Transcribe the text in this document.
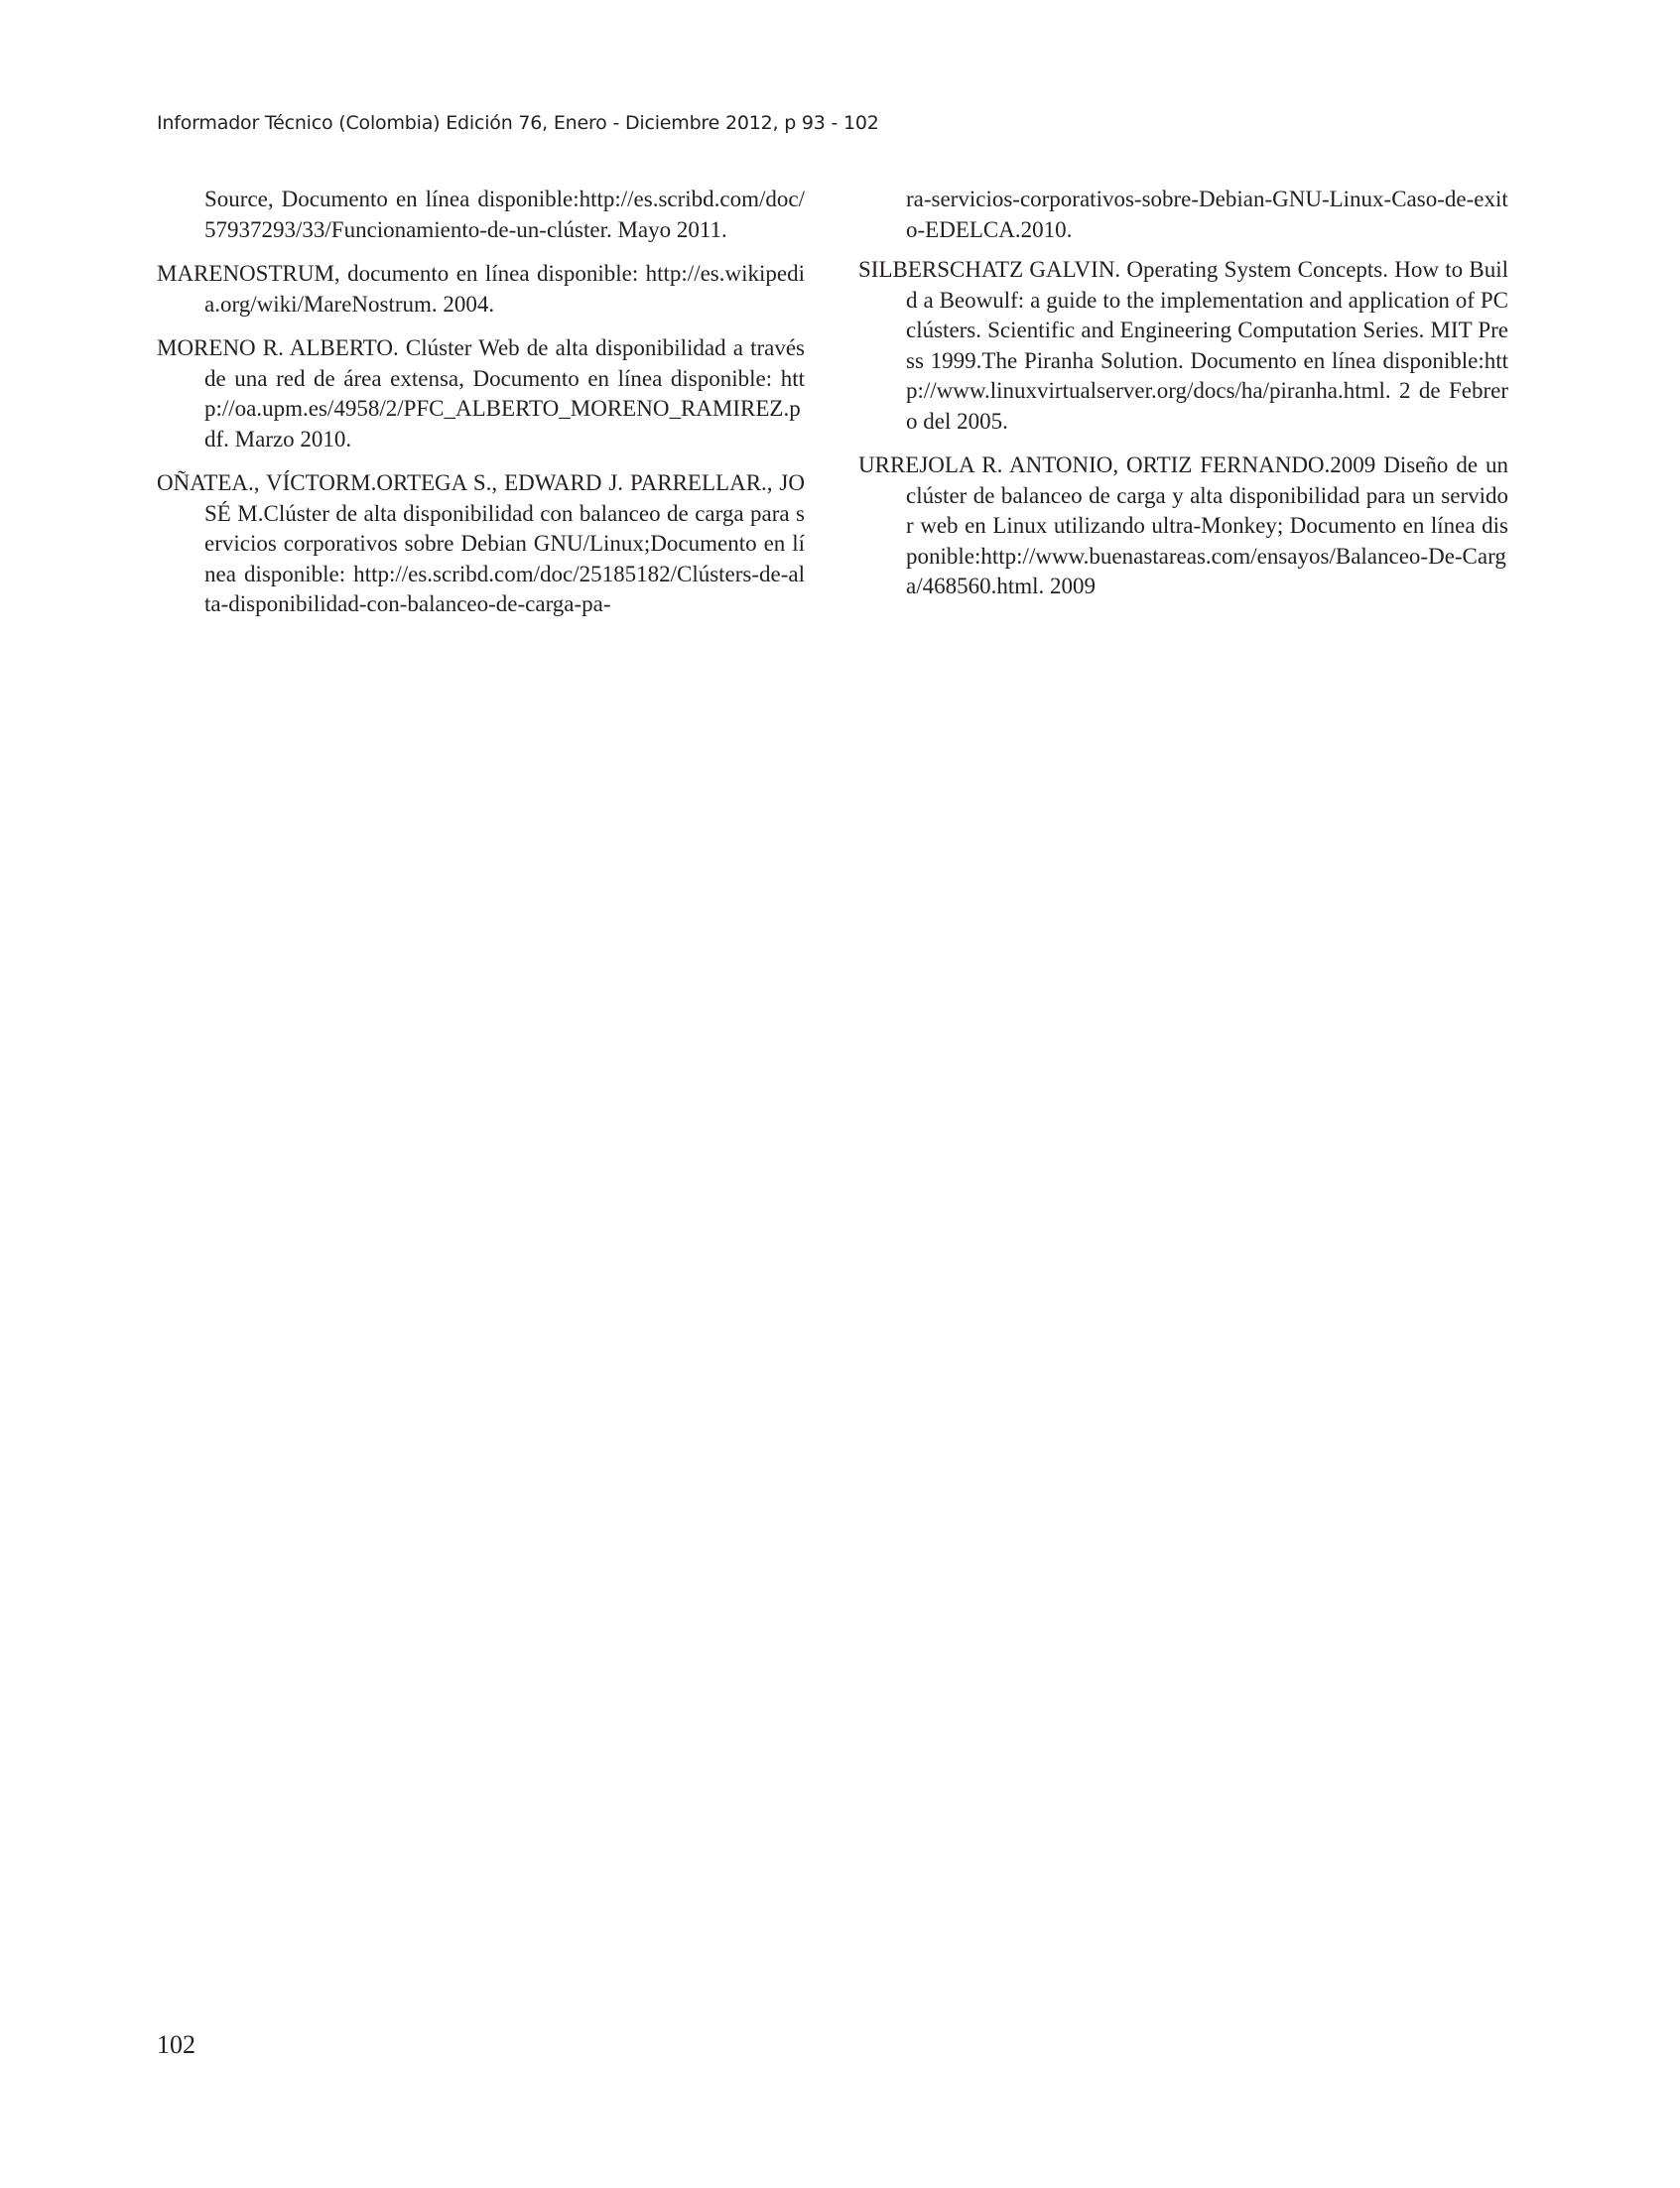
Informador Técnico (Colombia) Edición 76, Enero - Diciembre 2012, p 93 - 102

Source, Documento en línea disponible:http://es.scribd.com/doc/57937293/33/Funcionamiento-de-un-clúster. Mayo 2011.

MARENOSTRUM, documento en línea disponible: http://es.wikipedia.org/wiki/MareNostrum. 2004.

MORENO R. ALBERTO. Clúster Web de alta disponibilidad a través de una red de área extensa, Documento en línea disponible: http://oa.upm.es/4958/2/PFC_ALBERTO_MORENO_RAMIREZ.pdf. Marzo 2010.

OÑATEA., VÍCTORM.ORTEGA S., EDWARD J. PARRELLAR., JOSÉ M.Clúster de alta disponibilidad con balanceo de carga para servicios corporativos sobre Debian GNU/Linux;Documento en línea disponible: http://es.scribd.com/doc/25185182/Clústers-de-alta-disponibilidad-con-balanceo-de-carga-pa-

ra-servicios-corporativos-sobre-Debian-GNU-Linux-Caso-de-exito-EDELCA.2010.

SILBERSCHATZ GALVIN. Operating System Concepts. How to Build a Beowulf: a guide to the implementation and application of PC clústers. Scientific and Engineering Computation Series. MIT Press 1999.The Piranha Solution. Documento en línea disponible:http://www.linuxvirtualserver.org/docs/ha/piranha.html. 2 de Febrero del 2005.

URREJOLA R. ANTONIO, ORTIZ FERNANDO.2009 Diseño de un clúster de balanceo de carga y alta disponibilidad para un servidor web en Linux utilizando ultra-Monkey; Documento en línea disponible:http://www.buenastareas.com/ensayos/Balanceo-De-Carga/468560.html. 2009

102
